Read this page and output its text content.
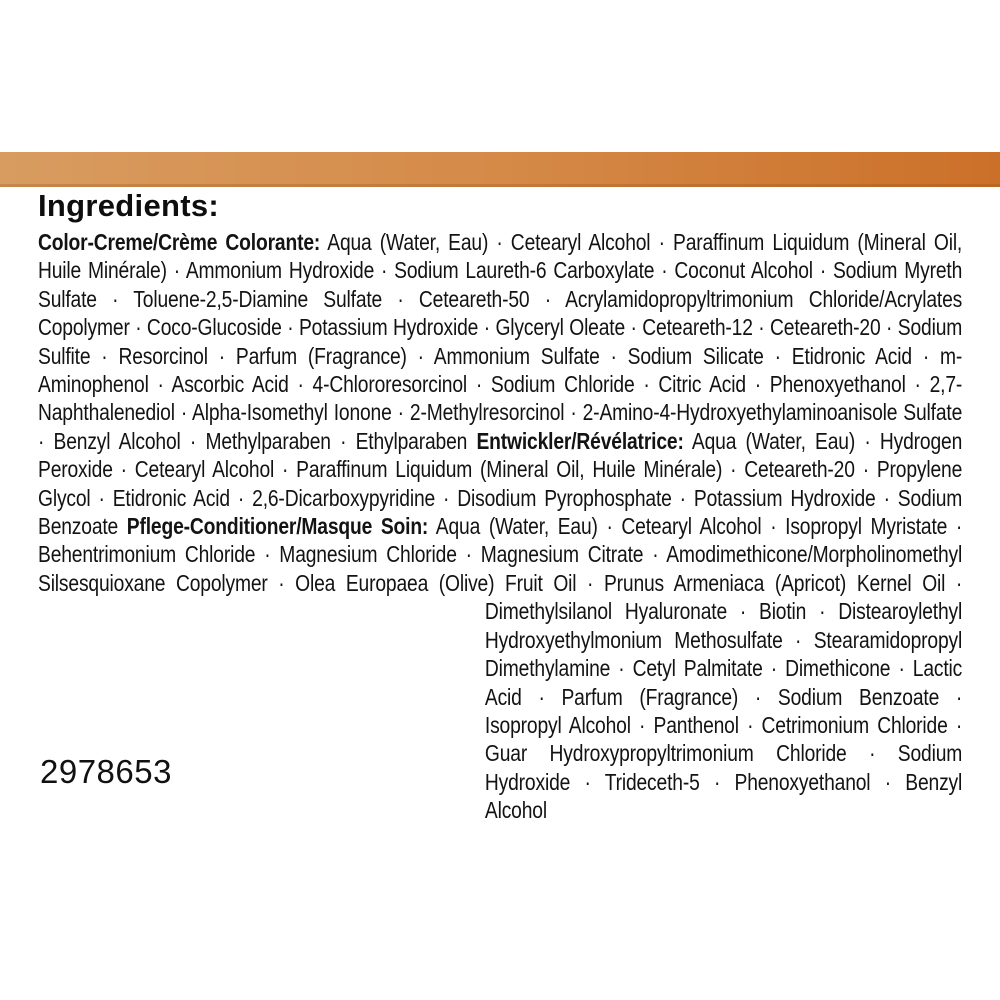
Ingredients:

Color-Creme/Crème Colorante: Aqua (Water, Eau) · Cetearyl Alcohol · Paraffinum Liquidum (Mineral Oil, Huile Minérale) · Ammonium Hydroxide · Sodium Laureth-6 Carboxylate · Coconut Alcohol · Sodium Myreth Sulfate · Toluene-2,5-Diamine Sulfate · Ceteareth-50 · Acrylamidopropyltrimonium Chloride/Acrylates Copolymer · Coco-Glucoside · Potassium Hydroxide · Glyceryl Oleate · Ceteareth-12 · Ceteareth-20 · Sodium Sulfite · Resorcinol · Parfum (Fragrance) · Ammonium Sulfate · Sodium Silicate · Etidronic Acid · m-Aminophenol · Ascorbic Acid · 4-Chlororesorcinol · Sodium Chloride · Citric Acid · Phenoxyethanol · 2,7-Naphthalenediol · Alpha-Isomethyl Ionone · 2-Methylresorcinol · 2-Amino-4-Hydroxyethylaminoanisole Sulfate · Benzyl Alcohol · Methylparaben · Ethylparaben Entwickler/Révélatrice: Aqua (Water, Eau) · Hydrogen Peroxide · Cetearyl Alcohol · Paraffinum Liquidum (Mineral Oil, Huile Minérale) · Ceteareth-20 · Propylene Glycol · Etidronic Acid · 2,6-Dicarboxypyridine · Disodium Pyrophosphate · Potassium Hydroxide · Sodium Benzoate Pflege-Conditioner/Masque Soin: Aqua (Water, Eau) · Cetearyl Alcohol · Isopropyl Myristate · Behentrimonium Chloride · Magnesium Chloride · Magnesium Citrate · Amodimethicone/Morpholinomethyl Silsesquioxane Copolymer · Olea Europaea (Olive) Fruit Oil · Prunus Armeniaca (Apricot) Kernel
Oil · Dimethylsilanol Hyaluronate · Biotin · Distearoylethyl Hydroxyethylmonium Methosulfate · Stearamidopropyl Dimethylamine · Cetyl Palmitate · Dimethicone · Lactic Acid · Parfum (Fragrance) · Sodium Benzoate · Isopropyl Alcohol · Panthenol · Cetrimonium Chloride · Guar Hydroxypropyltrimonium Chloride · Sodium Hydroxide · Trideceth-5 · Phenoxyethanol · Benzyl Alcohol

2978653
